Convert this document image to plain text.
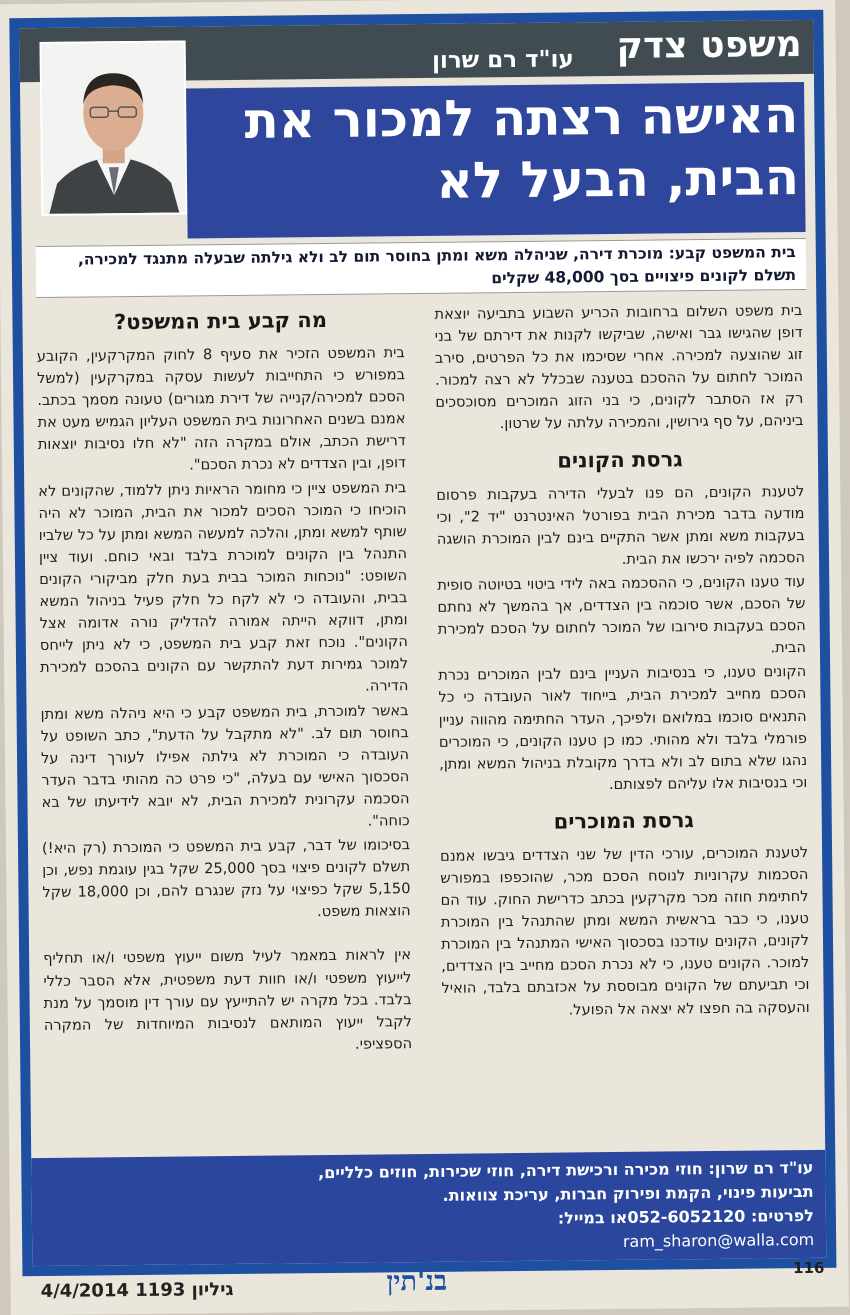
משפט צדק
עו"ד רם שרון
האישה רצתה למכור את הבית, הבעל לא
בית המשפט קבע: מוכרת דירה, שניהלה משא ומתן בחוסר תום לב ולא גילתה שבעלה מתנגד למכירה, תשלם לקונים פיצויים בסך 48,000 שקלים

בית משפט השלום ברחובות הכריע השבוע בתביעה יוצאת דופן שהגישו גבר ואישה, שביקשו לקנות את דירתם של בני זוג שהוצעה למכירה. אחרי שסיכמו את כל הפרטים, סירב המוכר לחתום על ההסכם בטענה שבכלל לא רצה למכור. רק אז הסתבר לקונים, כי בני הזוג המוכרים מסוכסכים ביניהם, על סף גירושין, והמכירה עלתה על שרטון.

גרסת הקונים

לטענת הקונים, הם פנו לבעלי הדירה בעקבות פרסום מודעה בדבר מכירת הבית בפורטל האינטרנט "יד 2", וכי בעקבות משא ומתן אשר התקיים בינם לבין המוכרת הושגה הסכמה לפיה ירכשו את הבית.

עוד טענו הקונים, כי ההסכמה באה לידי ביטוי בטיוטה סופית של הסכם, אשר סוכמה בין הצדדים, אך בהמשך לא נחתם הסכם בעקבות סירובו של המוכר לחתום על הסכם למכירת הבית.

הקונים טענו, כי בנסיבות העניין בינם לבין המוכרים נכרת הסכם מחייב למכירת הבית, בייחוד לאור העובדה כי כל התנאים סוכמו במלואם ולפיכך, העדר החתימה מהווה עניין פורמלי בלבד ולא מהותי. כמו כן טענו הקונים, כי המוכרים נהגו שלא בתום לב ולא בדרך מקובלת בניהול המשא ומתן, וכי בנסיבות אלו עליהם לפצותם.

גרסת המוכרים

לטענת המוכרים, עורכי הדין של שני הצדדים גיבשו אמנם הסכמות עקרוניות לנוסח הסכם מכר, שהוכפפו במפורש לחתימת חוזה מכר מקרקעין בכתב כדרישת החוק. עוד הם טענו, כי כבר בראשית המשא ומתן שהתנהל בין המוכרת לקונים, הקונים עודכנו בסכסוך האישי המתנהל בין המוכרת למוכר. הקונים טענו, כי לא נכרת הסכם מחייב בין הצדדים, וכי תביעתם של הקונים מבוססת על אכזבתם בלבד, הואיל והעסקה בה חפצו לא יצאה אל הפועל.

מה קבע בית המשפט?

בית המשפט הזכיר את סעיף 8 לחוק המקרקעין, הקובע במפורש כי התחייבות לעשות עסקה במקרקעין (למשל הסכם למכירה/קנייה של דירת מגורים) טעונה מסמך בכתב. אמנם בשנים האחרונות בית המשפט העליון הגמיש מעט את דרישת הכתב, אולם במקרה הזה "לא חלו נסיבות יוצאות דופן, ובין הצדדים לא נכרת הסכם".

בית המשפט ציין כי מחומר הראיות ניתן ללמוד, שהקונים לא הוכיחו כי המוכר הסכים למכור את הבית, המוכר לא היה שותף למשא ומתן, והלכה למעשה המשא ומתן על כל שלביו התנהל בין הקונים למוכרת בלבד ובאי כוחם. ועוד ציין השופט: "נוכחות המוכר בבית בעת חלק מביקורי הקונים בבית, והעובדה כי לא לקח כל חלק פעיל בניהול המשא ומתן, דווקא הייתה אמורה להדליק נורה אדומה אצל הקונים". נוכח זאת קבע בית המשפט, כי לא ניתן לייחס למוכר גמירות דעת להתקשר עם הקונים בהסכם למכירת הדירה.

באשר למוכרת, בית המשפט קבע כי היא ניהלה משא ומתן בחוסר תום לב. "לא מתקבל על הדעת", כתב השופט על העובדה כי המוכרת לא גילתה אפילו לעורך דינה על הסכסוך האישי עם בעלה, "כי פרט כה מהותי בדבר העדר הסכמה עקרונית למכירת הבית, לא יובא לידיעתו של בא כוחה".

בסיכומו של דבר, קבע בית המשפט כי המוכרת (רק היא!) תשלם לקונים פיצוי בסך 25,000 שקל בגין עוגמת נפש, וכן 5,150 שקל כפיצוי על נזק שנגרם להם, וכן 18,000 שקל הוצאות משפט.

אין לראות במאמר לעיל משום ייעוץ משפטי ו/או תחליף לייעוץ משפטי ו/או חוות דעת משפטית, אלא הסבר כללי בלבד. בכל מקרה יש להתייעץ עם עורך דין מוסמך על מנת לקבל ייעוץ המותאם לנסיבות המיוחדות של המקרה הספציפי.

עו"ד רם שרון: חוזי מכירה ורכישת דירה, חוזי שכירות, חוזים כלליים,
תביעות פינוי, הקמת ופירוק חברות, עריכת צוואות.
לפרטים: 052-6052120או במייל:
ram_sharon@walla.com
116
בנ'תין
גיליון 1193 4/4/2014
